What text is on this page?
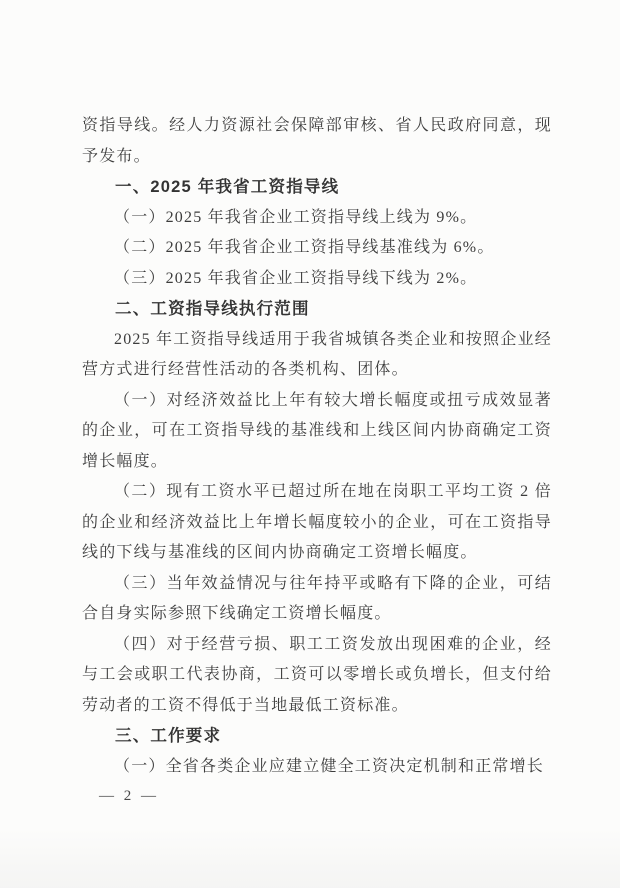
资指导线。经人力资源社会保障部审核、省人民政府同意，现予发布。

一、2025 年我省工资指导线

（一）2025 年我省企业工资指导线上线为 9%。

（二）2025 年我省企业工资指导线基准线为 6%。

（三）2025 年我省企业工资指导线下线为 2%。

二、工资指导线执行范围

2025 年工资指导线适用于我省城镇各类企业和按照企业经营方式进行经营性活动的各类机构、团体。

（一）对经济效益比上年有较大增长幅度或扭亏成效显著的企业，可在工资指导线的基准线和上线区间内协商确定工资增长幅度。

（二）现有工资水平已超过所在地在岗职工平均工资 2 倍的企业和经济效益比上年增长幅度较小的企业，可在工资指导线的下线与基准线的区间内协商确定工资增长幅度。

（三）当年效益情况与往年持平或略有下降的企业，可结合自身实际参照下线确定工资增长幅度。

（四）对于经营亏损、职工工资发放出现困难的企业，经与工会或职工代表协商，工资可以零增长或负增长，但支付给劳动者的工资不得低于当地最低工资标准。

三、工作要求

（一）全省各类企业应建立健全工资决定机制和正常增长

— 2 —
